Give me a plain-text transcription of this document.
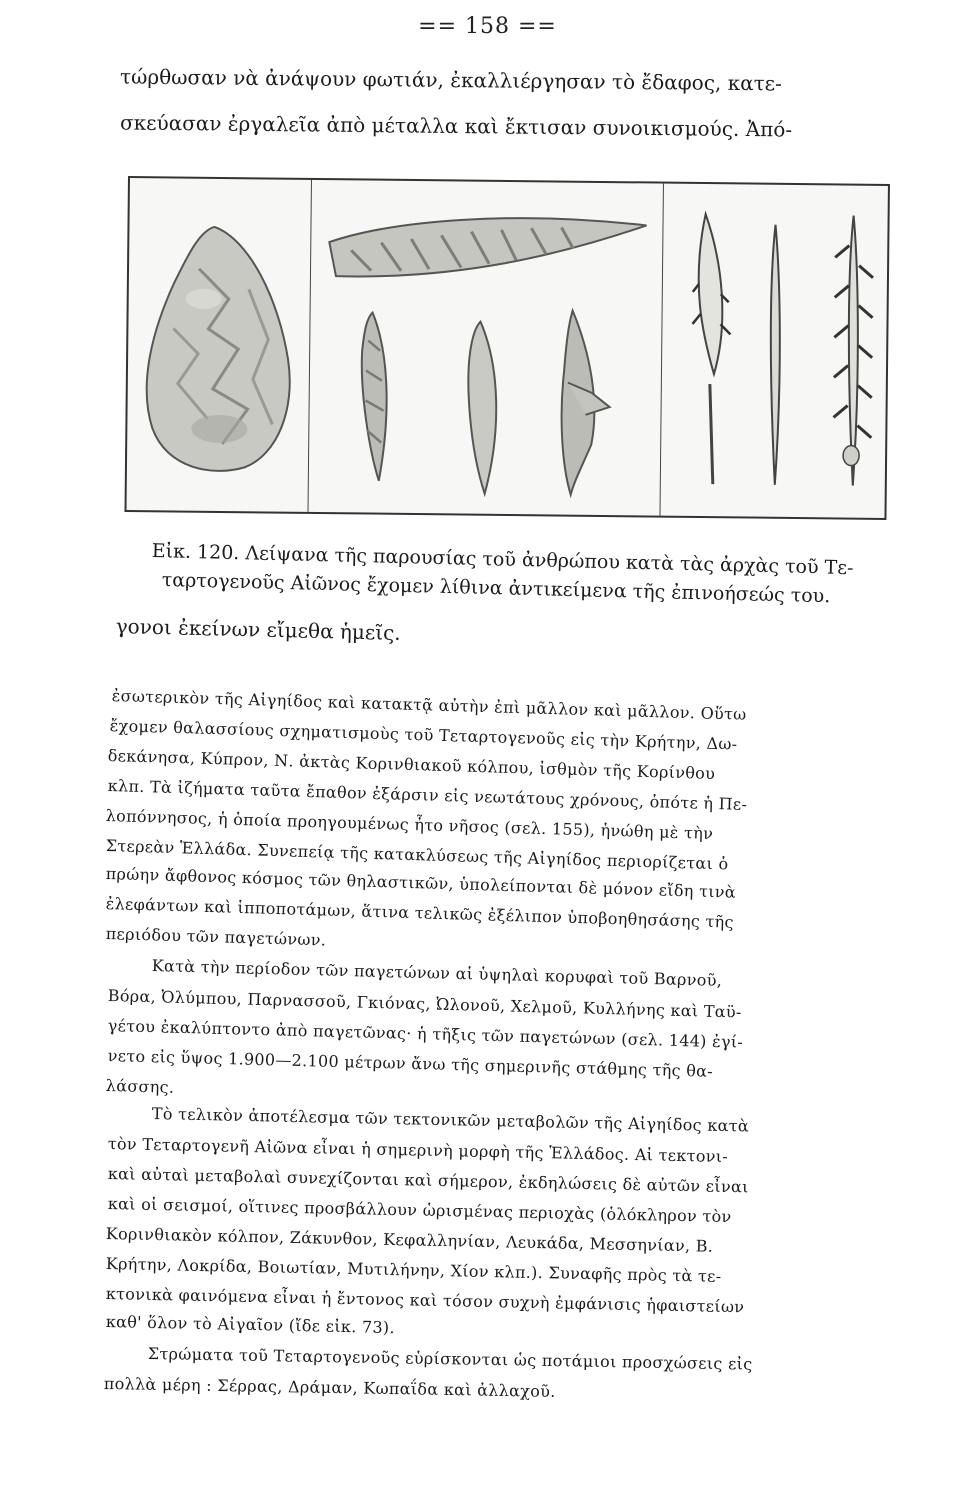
== 158 ==
τώρθωσαν νὰ ἀνάψουν φωτιάν, ἐκαλλιέργησαν τὸ ἔδαφος, κατε-
σκεύασαν ἐργαλεῖα ἀπὸ μέταλλα καὶ ἔκτισαν συνοικισμούς. Ἀπό-
Εἰκ. 120. Λείψανα τῆς παρουσίας τοῦ ἀνθρώπου κατὰ τὰς ἀρχὰς τοῦ Τε-
ταρτογενοῦς Αἰῶνος ἔχομεν λίθινα ἀντικείμενα τῆς ἐπινοήσεώς του.
γονοι ἐκείνων εἴμεθα ἡμεῖς.
ἐσωτερικὸν τῆς Αἰγηίδος καὶ κατακτᾷ αὐτὴν ἐπὶ μᾶλλον καὶ μᾶλλον. Οὕτω
ἔχομεν θαλασσίους σχηματισμοὺς τοῦ Τεταρτογενοῦς εἰς τὴν Κρήτην, Δω-
δεκάνησα, Κύπρον, Ν. ἀκτὰς Κορινθιακοῦ κόλπου, ἰσθμὸν τῆς Κορίνθου
κλπ. Τὰ ἰζήματα ταῦτα ἔπαθον ἐξάρσιν εἰς νεωτάτους χρόνους, ὁπότε ἡ Πε-
λοπόννησος, ἡ ὁποία προηγουμένως ἦτο νῆσος (σελ. 155), ἡνώθη μὲ τὴν
Στερεὰν Ἑλλάδα. Συνεπείᾳ τῆς κατακλύσεως τῆς Αἰγηίδος περιορίζεται ὁ
πρώην ἄφθονος κόσμος τῶν θηλαστικῶν, ὑπολείπονται δὲ μόνον εἴδη τινὰ
ἐλεφάντων καὶ ἱπποποτάμων, ἅτινα τελικῶς ἐξέλιπον ὑποβοηθησάσης τῆς
περιόδου τῶν παγετώνων.
Κατὰ τὴν περίοδον τῶν παγετώνων αἱ ὑψηλαὶ κορυφαὶ τοῦ Βαρνοῦ,
Βόρα, Ὀλύμπου, Παρνασσοῦ, Γκιόνας, Ὠλονοῦ, Χελμοῦ, Κυλλήνης καὶ Ταϋ-
γέτου ἐκαλύπτοντο ἀπὸ παγετῶνας· ἡ τῆξις τῶν παγετώνων (σελ. 144) ἐγί-
νετο εἰς ὕψος 1.900—2.100 μέτρων ἄνω τῆς σημερινῆς στάθμης τῆς θα-
λάσσης.
Τὸ τελικὸν ἀποτέλεσμα τῶν τεκτονικῶν μεταβολῶν τῆς Αἰγηίδος κατὰ
τὸν Τεταρτογενῆ Αἰῶνα εἶναι ἡ σημερινὴ μορφὴ τῆς Ἑλλάδος. Αἱ τεκτονι-
καὶ αὐταὶ μεταβολαὶ συνεχίζονται καὶ σήμερον, ἐκδηλώσεις δὲ αὐτῶν εἶναι
καὶ οἱ σεισμοί, οἵτινες προσβάλλουν ὡρισμένας περιοχὰς (ὁλόκληρον τὸν
Κορινθιακὸν κόλπον, Ζάκυνθον, Κεφαλληνίαν, Λευκάδα, Μεσσηνίαν, Β.
Κρήτην, Λοκρίδα, Βοιωτίαν, Μυτιλήνην, Χίον κλπ.). Συναφῆς πρὸς τὰ τε-
κτονικὰ φαινόμενα εἶναι ἡ ἔντονος καὶ τόσον συχνὴ ἐμφάνισις ἡφαιστείων
καθ' ὅλον τὸ Αἰγαῖον (ἴδε εἰκ. 73).
Στρώματα τοῦ Τεταρτογενοῦς εὑρίσκονται ὡς ποτάμιοι προσχώσεις εἰς
πολλὰ μέρη : Σέρρας, Δράμαν, Κωπαΐδα καὶ ἀλλαχοῦ.
